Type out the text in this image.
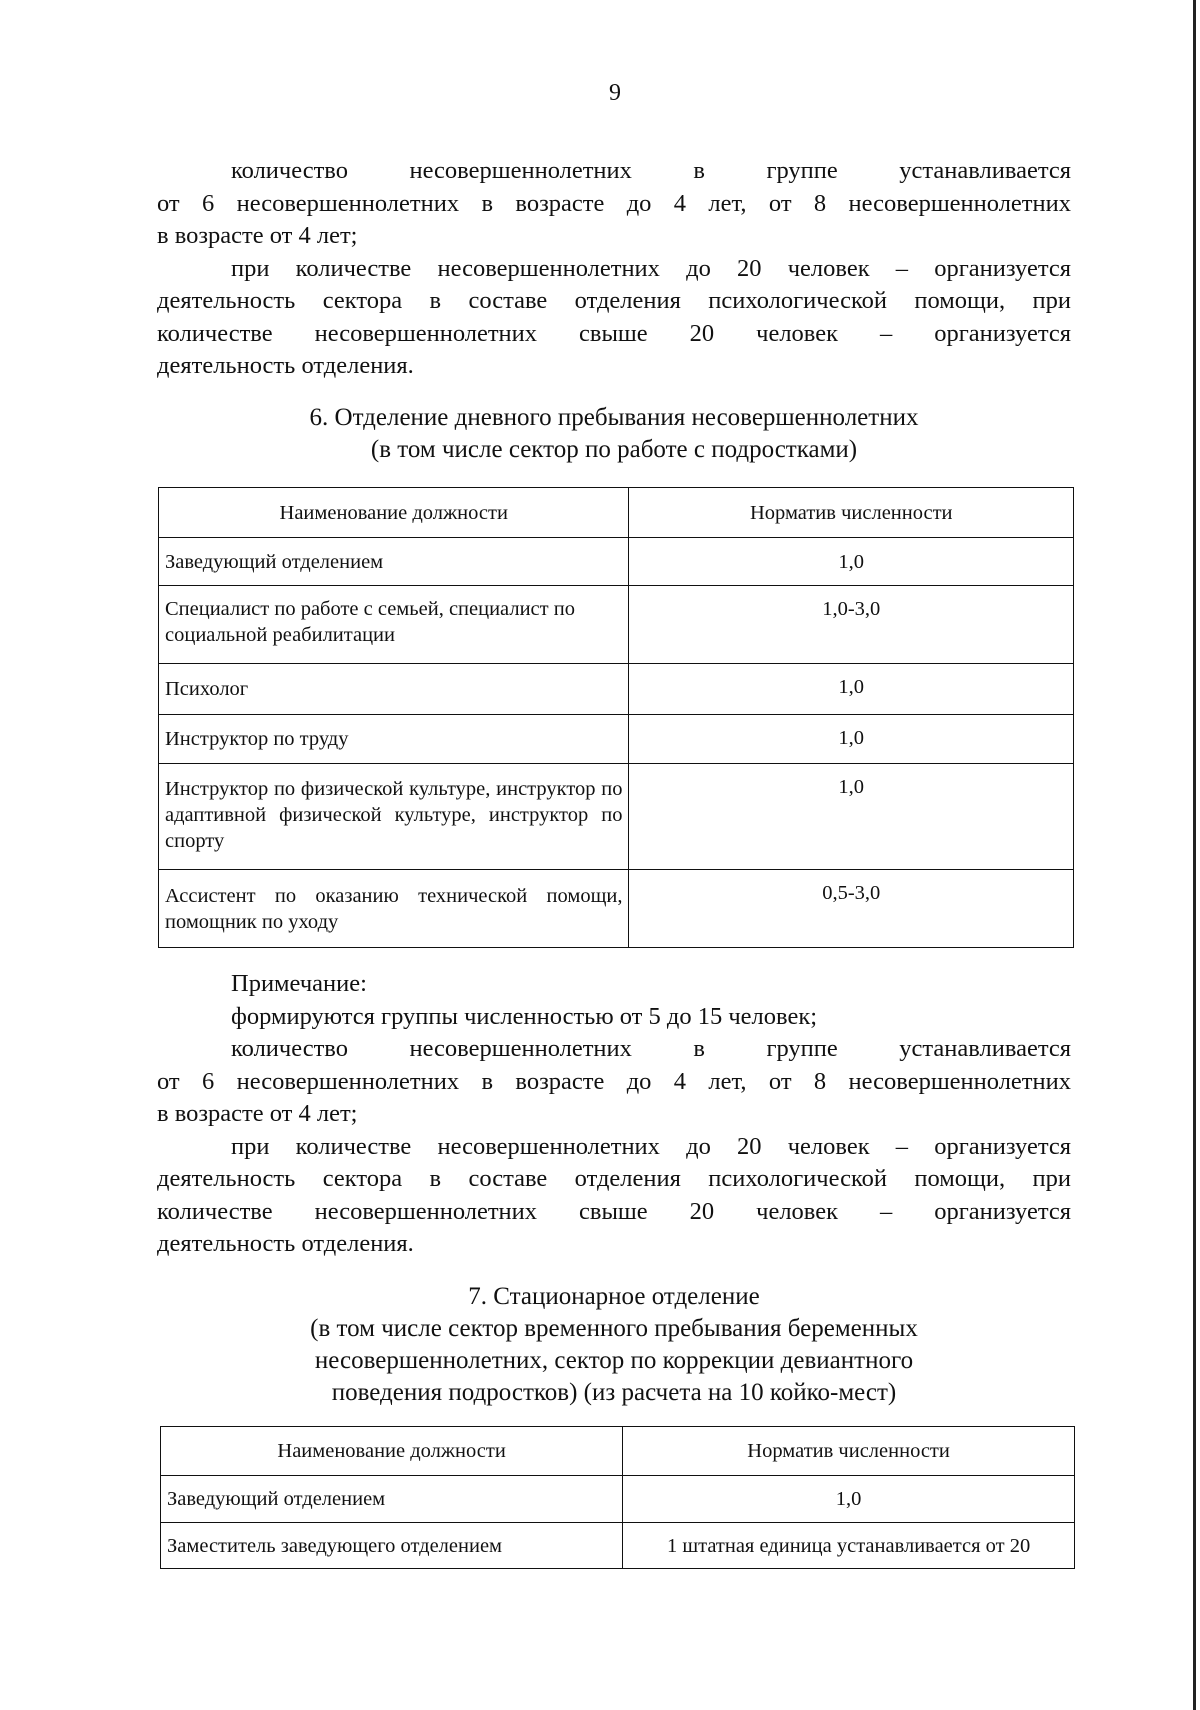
9
количество несовершеннолетних в группе устанавливается
от 6 несовершеннолетних в возрасте до 4 лет, от 8 несовершеннолетних
в возрасте от 4 лет;
при количестве несовершеннолетних до 20 человек – организуется
деятельность сектора в составе отделения психологической помощи, при
количестве несовершеннолетних свыше 20 человек – организуется
деятельность отделения.
6. Отделение дневного пребывания несовершеннолетних
(в том числе сектор по работе с подростками)
Наименование должности	Норматив численности
Заведующий отделением	1,0
Специалист по работе с семьей, специалист по социальной реабилитации	1,0-3,0
Психолог	1,0
Инструктор по труду	1,0
Инструктор по физической культуре, инструктор по адаптивной физической культуре, инструктор по спорту	1,0
Ассистент по оказанию технической помощи, помощник по уходу	0,5-3,0
Примечание:
формируются группы численностью от 5 до 15 человек;
количество несовершеннолетних в группе устанавливается
от 6 несовершеннолетних в возрасте до 4 лет, от 8 несовершеннолетних
в возрасте от 4 лет;
при количестве несовершеннолетних до 20 человек – организуется
деятельность сектора в составе отделения психологической помощи, при
количестве несовершеннолетних свыше 20 человек – организуется
деятельность отделения.
7. Стационарное отделение
(в том числе сектор временного пребывания беременных
несовершеннолетних, сектор по коррекции девиантного
поведения подростков) (из расчета на 10 койко-мест)
Наименование должности	Норматив численности
Заведующий отделением	1,0
Заместитель заведующего отделением	1 штатная единица устанавливается от 20
